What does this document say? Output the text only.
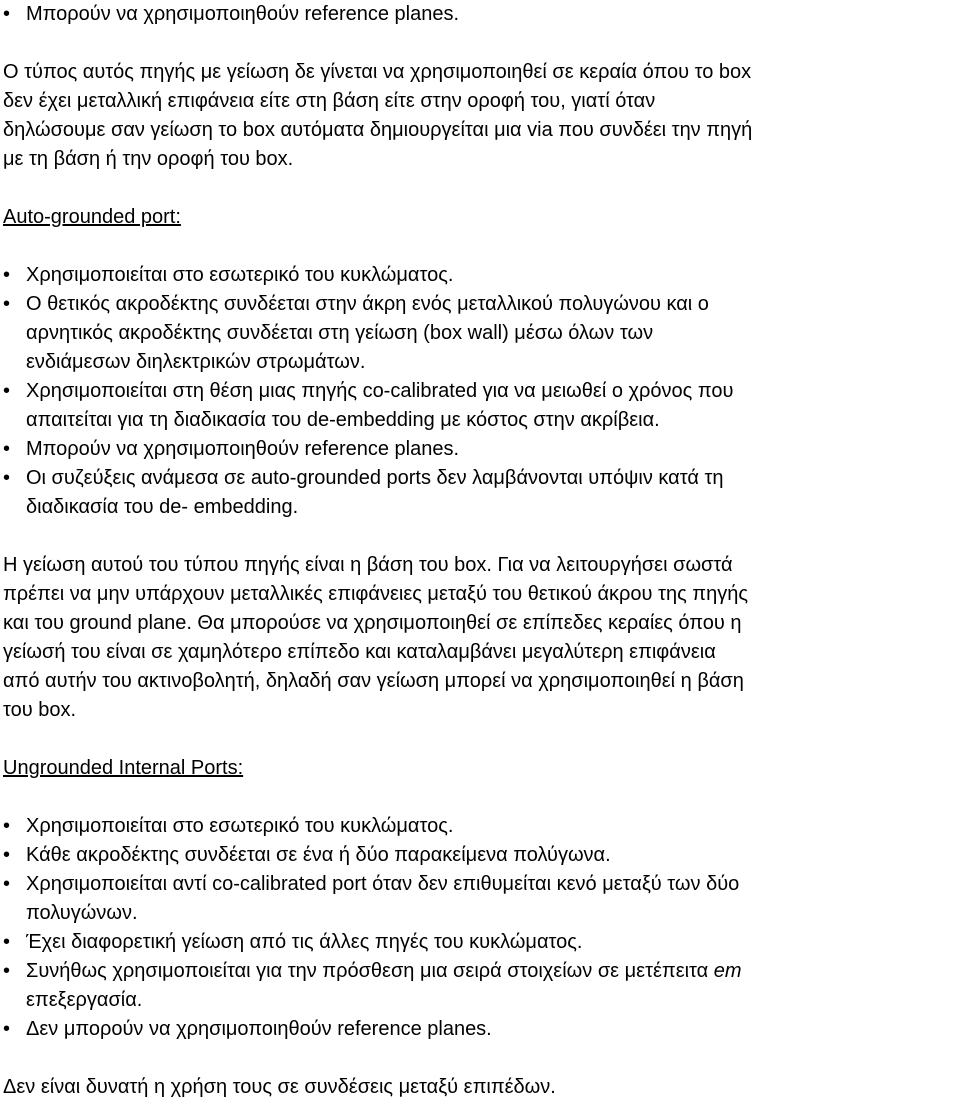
• Μπορούν να χρησιμοποιηθούν reference planes.
Ο τύπος αυτός πηγής με γείωση δε γίνεται να χρησιμοποιηθεί σε κεραία όπου το box
δεν έχει μεταλλική επιφάνεια είτε στη βάση είτε στην οροφή του, γιατί όταν
δηλώσουμε σαν γείωση το box αυτόματα δημιουργείται μια via που συνδέει την πηγή
με τη βάση ή την οροφή του box.
Auto-grounded port:
• Χρησιμοποιείται στο εσωτερικό του κυκλώματος.
• Ο θετικός ακροδέκτης συνδέεται στην άκρη ενός μεταλλικού πολυγώνου και ο
αρνητικός ακροδέκτης συνδέεται στη γείωση (box wall) μέσω όλων των
ενδιάμεσων διηλεκτρικών στρωμάτων.
• Χρησιμοποιείται στη θέση μιας πηγής co-calibrated για να μειωθεί ο χρόνος που
απαιτείται για τη διαδικασία του de-embedding με κόστος στην ακρίβεια.
• Μπορούν να χρησιμοποιηθούν reference planes.
• Οι συζεύξεις ανάμεσα σε auto-grounded ports δεν λαμβάνονται υπόψιν κατά τη
διαδικασία του de- embedding.
Η γείωση αυτού του τύπου πηγής είναι η βάση του box. Για να λειτουργήσει σωστά
πρέπει να μην υπάρχουν μεταλλικές επιφάνειες μεταξύ του θετικού άκρου της πηγής
και του ground plane. Θα μπορούσε να χρησιμοποιηθεί σε επίπεδες κεραίες όπου η
γείωσή του είναι σε χαμηλότερο επίπεδο και καταλαμβάνει μεγαλύτερη επιφάνεια
από αυτήν του ακτινοβολητή, δηλαδή σαν γείωση μπορεί να χρησιμοποιηθεί η βάση
του box.
Ungrounded Internal Ports:
• Χρησιμοποιείται στο εσωτερικό του κυκλώματος.
• Κάθε ακροδέκτης συνδέεται σε ένα ή δύο παρακείμενα πολύγωνα.
• Χρησιμοποιείται αντί co-calibrated port όταν δεν επιθυμείται κενό μεταξύ των δύο
πολυγώνων.
• Έχει διαφορετική γείωση από τις άλλες πηγές του κυκλώματος.
• Συνήθως χρησιμοποιείται για την πρόσθεση μια σειρά στοιχείων σε μετέπειτα em
επεξεργασία.
• Δεν μπορούν να χρησιμοποιηθούν reference planes.
Δεν είναι δυνατή η χρήση τους σε συνδέσεις μεταξύ επιπέδων.
